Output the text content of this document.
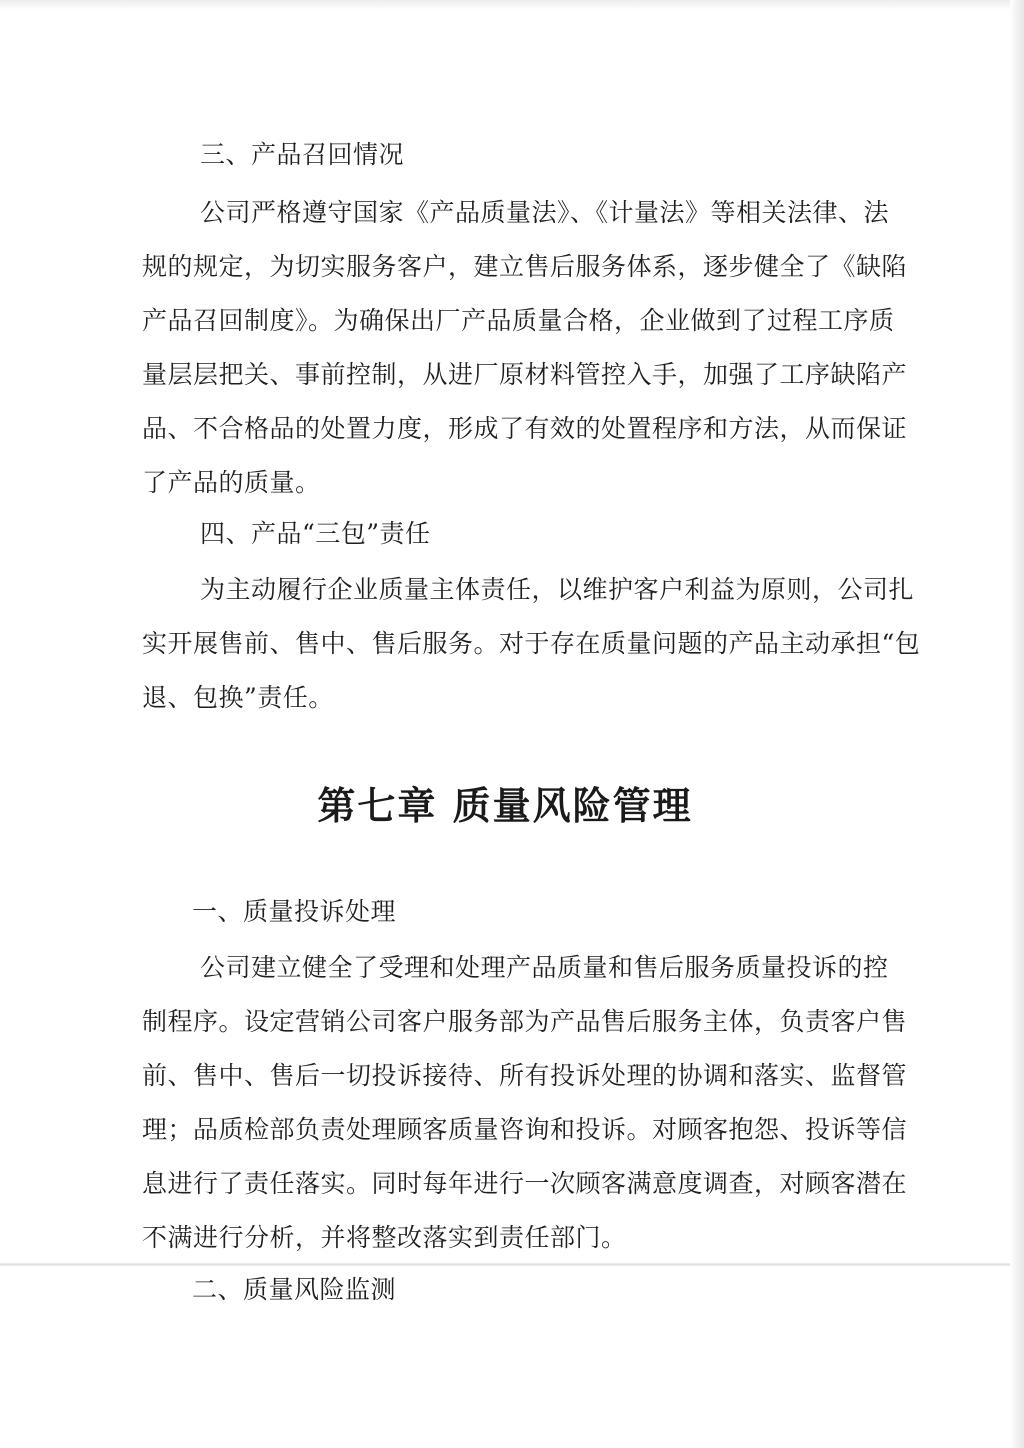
三、产品召回情况
公司严格遵守国家《产品质量法》、《计量法》等相关法律、法
规的规定，为切实服务客户，建立售后服务体系，逐步健全了《缺陷
产品召回制度》。为确保出厂产品质量合格，企业做到了过程工序质
量层层把关、事前控制，从进厂原材料管控入手，加强了工序缺陷产
品、不合格品的处置力度，形成了有效的处置程序和方法，从而保证
了产品的质量。
四、产品“三包”责任
为主动履行企业质量主体责任，以维护客户利益为原则，公司扎
实开展售前、售中、售后服务。对于存在质量问题的产品主动承担“包
退、包换”责任。
第七章 质量风险管理
一、质量投诉处理
公司建立健全了受理和处理产品质量和售后服务质量投诉的控
制程序。设定营销公司客户服务部为产品售后服务主体，负责客户售
前、售中、售后一切投诉接待、所有投诉处理的协调和落实、监督管
理；品质检部负责处理顾客质量咨询和投诉。对顾客抱怨、投诉等信
息进行了责任落实。同时每年进行一次顾客满意度调查，对顾客潜在
不满进行分析，并将整改落实到责任部门。
二、质量风险监测
